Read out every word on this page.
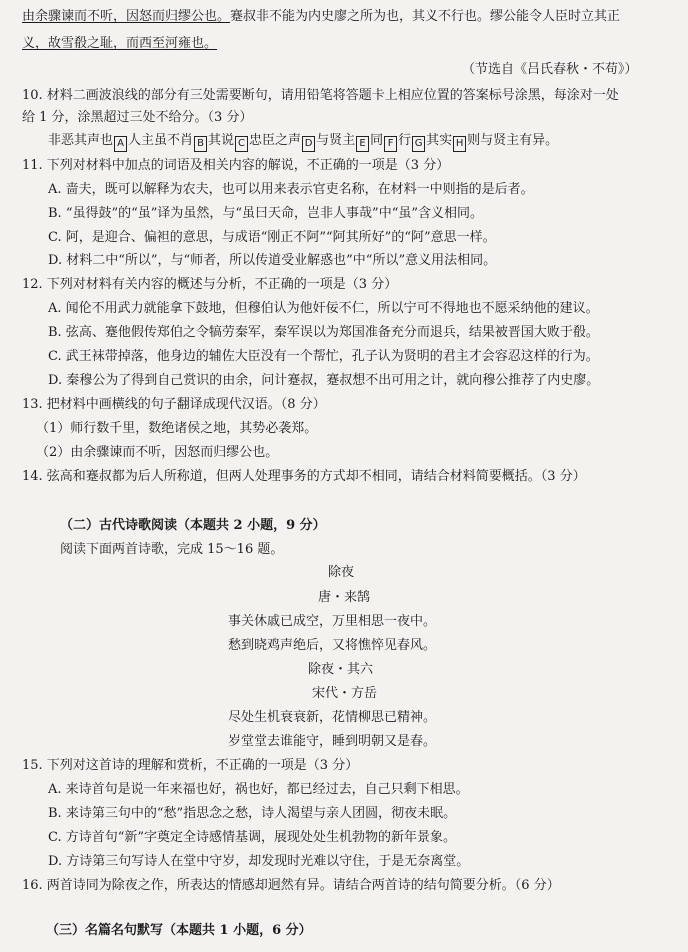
由余骤谏而不听，因怒而归缪公也。蹇叔非不能为内史廖之所为也，其义不行也。缪公能令人臣时立其正
义，故雪殽之耻，而西至河雍也。
（节选自《吕氏春秋・不苟》）
10. 材料二画波浪线的部分有三处需要断句，请用铅笔将答题卡上相应位置的答案标号涂黑，每涂对一处
给 1 分，涂黑超过三处不给分。（3 分）
非恶其声也 A 人主虽不肖 B 其说 C 忠臣之声 D 与贤主 E 同 F 行 G 其实 H 则与贤主有异。
11. 下列对材料中加点的词语及相关内容的解说，不正确的一项是（3 分）
A. 啬夫，既可以解释为农夫，也可以用来表示官吏名称，在材料一中则指的是后者。
B. “虽得鼓”的“虽”译为虽然，与“虽曰天命，岂非人事哉”中“虽”含义相同。
C. 阿，是迎合、偏袒的意思，与成语“刚正不阿”“阿其所好”的“阿”意思一样。
D. 材料二中“所以”，与“师者，所以传道受业解惑也”中“所以”意义用法相同。
12. 下列对材料有关内容的概述与分析，不正确的一项是（3 分）
A. 闻伦不用武力就能拿下鼓地，但穆伯认为他奸佞不仁，所以宁可不得地也不愿采纳他的建议。
B. 弦高、蹇他假传郑伯之令犒劳秦军，秦军误以为郑国准备充分而退兵，结果被晋国大败于殽。
C. 武王袜带掉落，他身边的辅佐大臣没有一个帮忙，孔子认为贤明的君主才会容忍这样的行为。
D. 秦穆公为了得到自己赏识的由余，问计蹇叔，蹇叔想不出可用之计，就向穆公推荐了内史廖。
13. 把材料中画横线的句子翻译成现代汉语。（8 分）
（1）师行数千里，数绝诸侯之地，其势必袭郑。
（2）由余骤谏而不听，因怒而归缪公也。
14. 弦高和蹇叔都为后人所称道，但两人处理事务的方式却不相同，请结合材料简要概括。（3 分）
（二）古代诗歌阅读（本题共 2 小题，9 分）
阅读下面两首诗歌，完成 15～16 题。
除夜
唐・来鹄
事关休戚已成空，万里相思一夜中。
愁到晓鸡声绝后，又将憔悴见春风。
除夜・其六
宋代・方岳
尽处生机衰衰新，花情柳思已精神。
岁堂堂去谁能守，睡到明朝又是春。
15. 下列对这首诗的理解和赏析，不正确的一项是（3 分）
A. 来诗首句是说一年来福也好，祸也好，都已经过去，自己只剩下相思。
B. 来诗第三句中的“愁”指思念之愁，诗人渴望与亲人团圆，彻夜未眠。
C. 方诗首句“新”字奠定全诗感情基调，展现处处生机勃物的新年景象。
D. 方诗第三句写诗人在堂中守岁，却发现时光难以守住，于是无奈离堂。
16. 两首诗同为除夜之作，所表达的情感却迥然有异。请结合两首诗的结句简要分析。（6 分）
（三）名篇名句默写（本题共 1 小题，6 分）
